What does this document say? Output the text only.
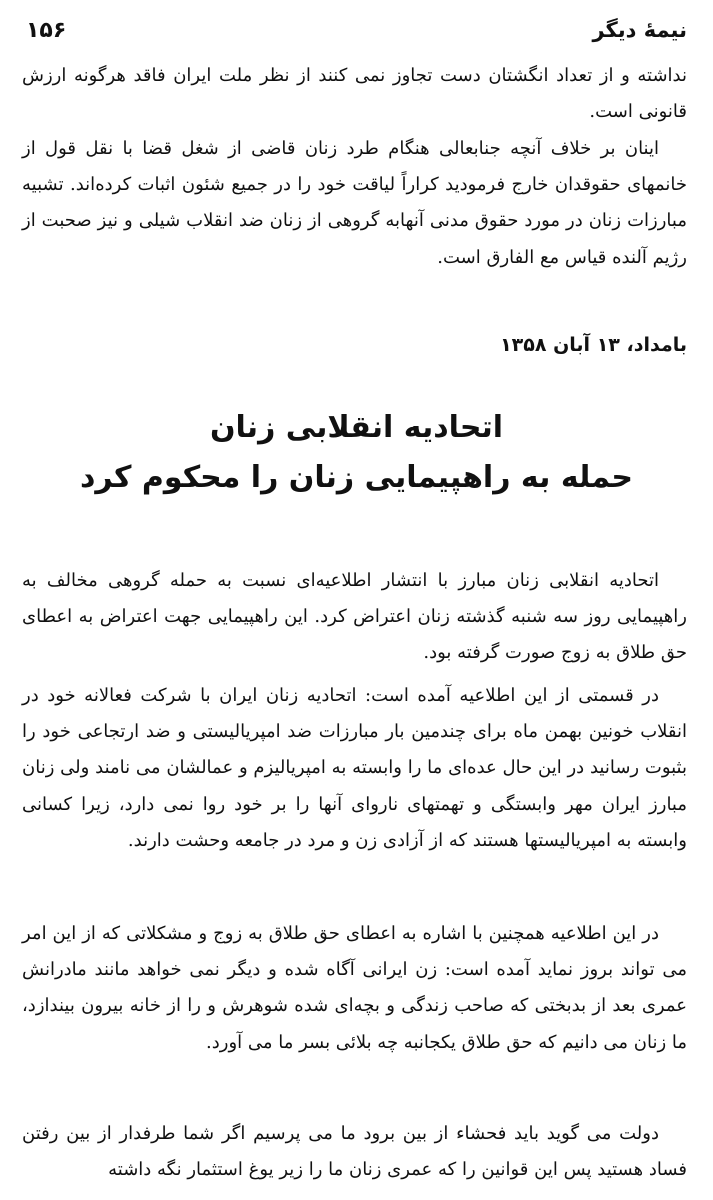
نیمهٔ دیگر
۱۵۶

نداشته و از تعداد انگشتان دست تجاوز نمی کنند از نظر ملت ایران فاقد هرگونه ارزش قانونی است.

اینان بر خلاف آنچه جنابعالی هنگام طرد زنان قاضی از شغل قضا با نقل قول از خانمهای حقوقدان خارج فرمودید کراراً لیاقت خود را در جمیع شئون اثبات کرده‌اند. تشبیه مبارزات زنان در مورد حقوق مدنی آنهابه گروهی از زنان ضد انقلاب شیلی و نیز صحبت از رژیم آلنده قیاس مع الفارق است.

بامداد، ۱۳ آبان ۱۳۵۸
اتحادیه انقلابی زنان
حمله به راهپیمایی زنان را محکوم کرد

اتحادیه انقلابی زنان مبارز با انتشار اطلاعیه‌ای نسبت به حمله گروهی مخالف به راهپیمایی روز سه شنبه گذشته زنان اعتراض کرد. این راهپیمایی جهت اعتراض به اعطای حق طلاق به زوج صورت گرفته بود.

در قسمتی از این اطلاعیه آمده است: اتحادیه زنان ایران با شرکت فعالانه خود در انقلاب خونین بهمن ماه برای چندمین بار مبارزات ضد امپریالیستی و ضد ارتجاعی خود را بثبوت رسانید در این حال عده‌ای ما را وابسته به امپریالیزم و عمالشان می نامند ولی زنان مبارز ایران مهر وابستگی و تهمتهای ناروای آنها را بر خود روا نمی دارد، زیرا کسانی وابسته به امپریالیستها هستند که از آزادی زن و مرد در جامعه وحشت دارند.

در این اطلاعیه همچنین با اشاره به اعطای حق طلاق به زوج و مشکلاتی که از این امر می تواند بروز نماید آمده است: زن ایرانی آگاه شده و دیگر نمی خواهد مانند مادرانش عمری بعد از بدبختی که صاحب زندگی و بچه‌ای شده شوهرش و را از خانه بیرون بیندازد، ما زنان می دانیم که حق طلاق یکجانبه چه بلائی بسر ما می آورد.

دولت می گوید باید فحشاء از بین برود ما می پرسیم اگر شما طرفدار از بین رفتن فساد هستید پس این قوانین را که عمری زنان ما را زیر یوغ استثمار نگه داشته
